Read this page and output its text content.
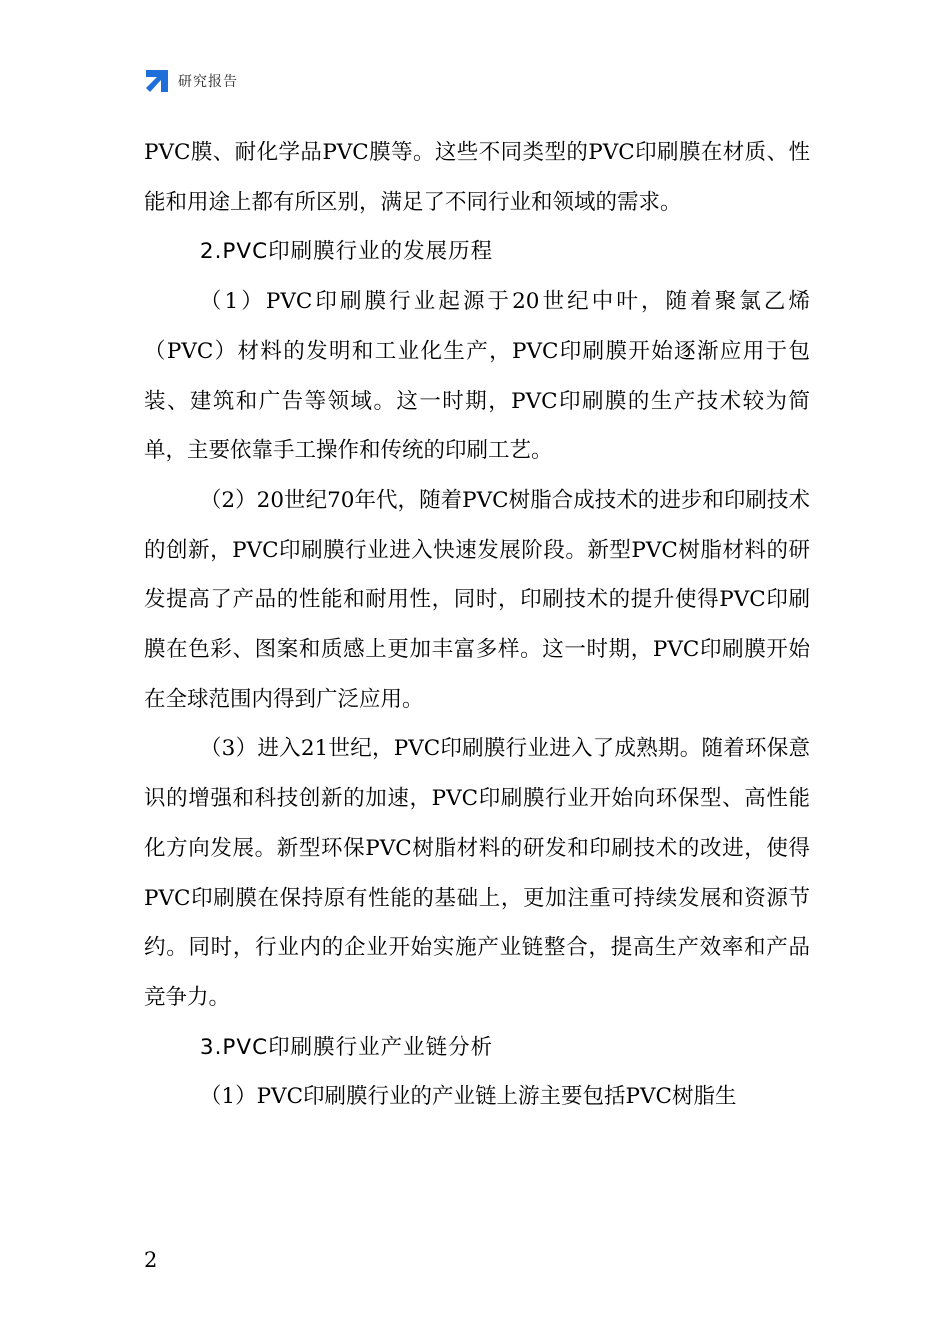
研究报告

PVC膜、耐化学品PVC膜等。这些不同类型的PVC印刷膜在材质、性能和用途上都有所区别，满足了不同行业和领域的需求。

2.PVC印刷膜行业的发展历程

（1）PVC印刷膜行业起源于20世纪中叶，随着聚氯乙烯（PVC）材料的发明和工业化生产，PVC印刷膜开始逐渐应用于包装、建筑和广告等领域。这一时期，PVC印刷膜的生产技术较为简单，主要依靠手工操作和传统的印刷工艺。

（2）20世纪70年代，随着PVC树脂合成技术的进步和印刷技术的创新，PVC印刷膜行业进入快速发展阶段。新型PVC树脂材料的研发提高了产品的性能和耐用性，同时，印刷技术的提升使得PVC印刷膜在色彩、图案和质感上更加丰富多样。这一时期，PVC印刷膜开始在全球范围内得到广泛应用。

（3）进入21世纪，PVC印刷膜行业进入了成熟期。随着环保意识的增强和科技创新的加速，PVC印刷膜行业开始向环保型、高性能化方向发展。新型环保PVC树脂材料的研发和印刷技术的改进，使得PVC印刷膜在保持原有性能的基础上，更加注重可持续发展和资源节约。同时，行业内的企业开始实施产业链整合，提高生产效率和产品竞争力。

3.PVC印刷膜行业产业链分析

（1）PVC印刷膜行业的产业链上游主要包括PVC树脂生

2
